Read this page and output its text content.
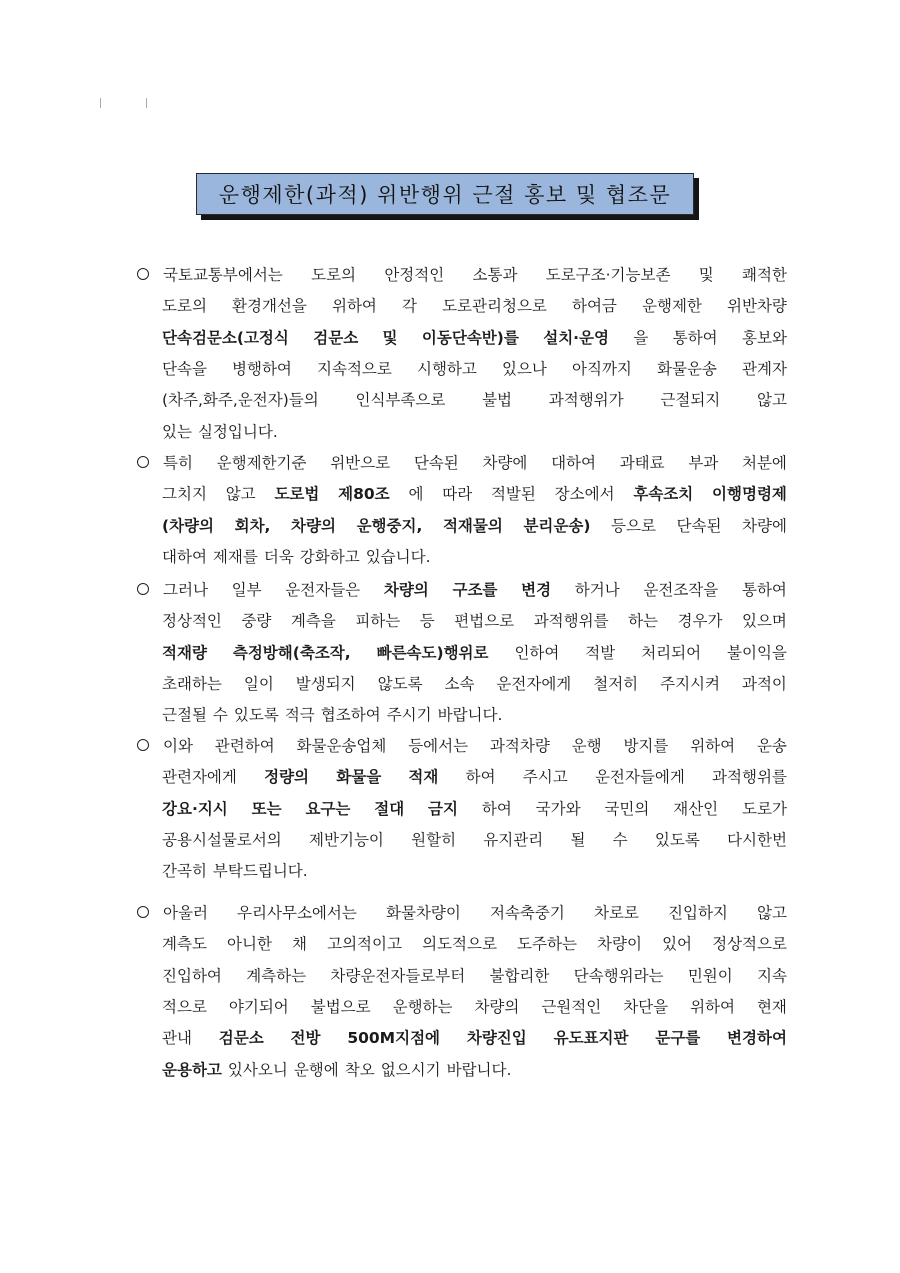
운행제한(과적) 위반행위 근절 홍보 및 협조문
국토교통부에서는 도로의 안정적인 소통과 도로구조·기능보존 및 쾌적한
도로의 환경개선을 위하여 각 도로관리청으로 하여금 운행제한 위반차량
단속검문소(고정식 검문소 및 이동단속반)를 설치·운영 을 통하여 홍보와
단속을 병행하여 지속적으로 시행하고 있으나 아직까지 화물운송 관계자
(차주,화주,운전자)들의 인식부족으로 불법 과적행위가 근절되지 않고
있는 실정입니다.
특히 운행제한기준 위반으로 단속된 차량에 대하여 과태료 부과 처분에
그치지 않고 도로법 제80조 에 따라 적발된 장소에서 후속조치 이행명령제
(차량의 회차, 차량의 운행중지, 적재물의 분리운송) 등으로 단속된 차량에
대하여 제재를 더욱 강화하고 있습니다.
그러나 일부 운전자들은 차량의 구조를 변경 하거나 운전조작을 통하여
정상적인 중량 계측을 피하는 등 편법으로 과적행위를 하는 경우가 있으며
적재량 측정방해(축조작, 빠른속도)행위로 인하여 적발 처리되어 불이익을
초래하는 일이 발생되지 않도록 소속 운전자에게 철저히 주지시켜 과적이
근절될 수 있도록 적극 협조하여 주시기 바랍니다.
이와 관련하여 화물운송업체 등에서는 과적차량 운행 방지를 위하여 운송
관련자에게 정량의 화물을 적재 하여 주시고 운전자들에게 과적행위를
강요·지시 또는 요구는 절대 금지 하여 국가와 국민의 재산인 도로가
공용시설물로서의 제반기능이 원할히 유지관리 될 수 있도록 다시한번
간곡히 부탁드립니다.
아울러 우리사무소에서는 화물차량이 저속축중기 차로로 진입하지 않고
계측도 아니한 채 고의적이고 의도적으로 도주하는 차량이 있어 정상적으로
진입하여 계측하는 차량운전자들로부터 불합리한 단속행위라는 민원이 지속
적으로 야기되어 불법으로 운행하는 차량의 근원적인 차단을 위하여 현재
관내 검문소 전방 500M지점에 차량진입 유도표지판 문구를 변경하여
운용하고 있사오니 운행에 착오 없으시기 바랍니다.
